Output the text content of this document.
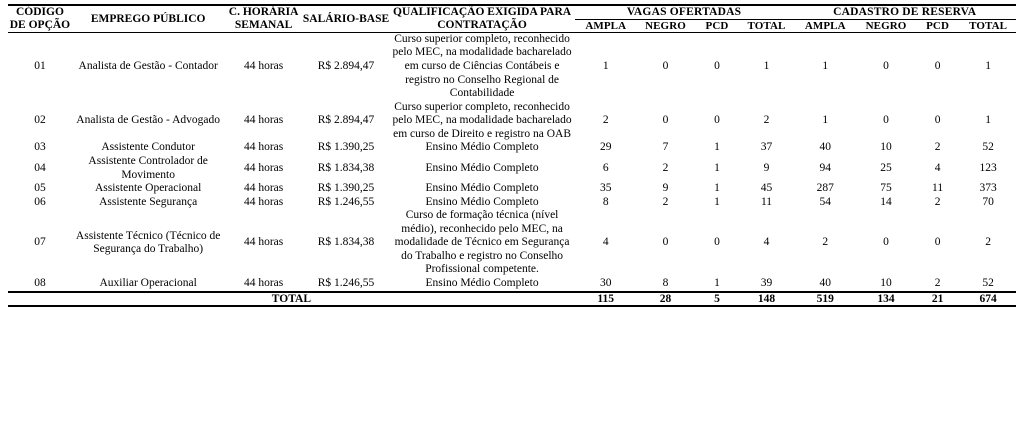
CÓDIGO DE OPÇÃO	EMPREGO PÚBLICO	C. HORÁRIA SEMANAL	SALÁRIO-BASE	QUALIFICAÇÃO EXIGIDA PARA CONTRATAÇÃO	VAGAS OFERTADAS				CADASTRO DE RESERVA			
					AMPLA	NEGRO	PCD	TOTAL	AMPLA	NEGRO	PCD	TOTAL
01	Analista de Gestão - Contador	44 horas	R$ 2.894,47	Curso superior completo, reconhecido pelo MEC, na modalidade bacharelado em curso de Ciências Contábeis e registro no Conselho Regional de Contabilidade	1	0	0	1	1	0	0	1
02	Analista de Gestão - Advogado	44 horas	R$ 2.894,47	Curso superior completo, reconhecido pelo MEC, na modalidade bacharelado em curso de Direito e registro na OAB	2	0	0	2	1	0	0	1
03	Assistente Condutor	44 horas	R$ 1.390,25	Ensino Médio Completo	29	7	1	37	40	10	2	52
04	Assistente Controlador de Movimento	44 horas	R$ 1.834,38	Ensino Médio Completo	6	2	1	9	94	25	4	123
05	Assistente Operacional	44 horas	R$ 1.390,25	Ensino Médio Completo	35	9	1	45	287	75	11	373
06	Assistente Segurança	44 horas	R$ 1.246,55	Ensino Médio Completo	8	2	1	11	54	14	2	70
07	Assistente Técnico (Técnico de Segurança do Trabalho)	44 horas	R$ 1.834,38	Curso de formação técnica (nível médio), reconhecido pelo MEC, na modalidade de Técnico em Segurança do Trabalho e registro no Conselho Profissional competente.	4	0	0	4	2	0	0	2
08	Auxiliar Operacional	44 horas	R$ 1.246,55	Ensino Médio Completo	30	8	1	39	40	10	2	52
TOTAL					115	28	5	148	519	134	21	674
